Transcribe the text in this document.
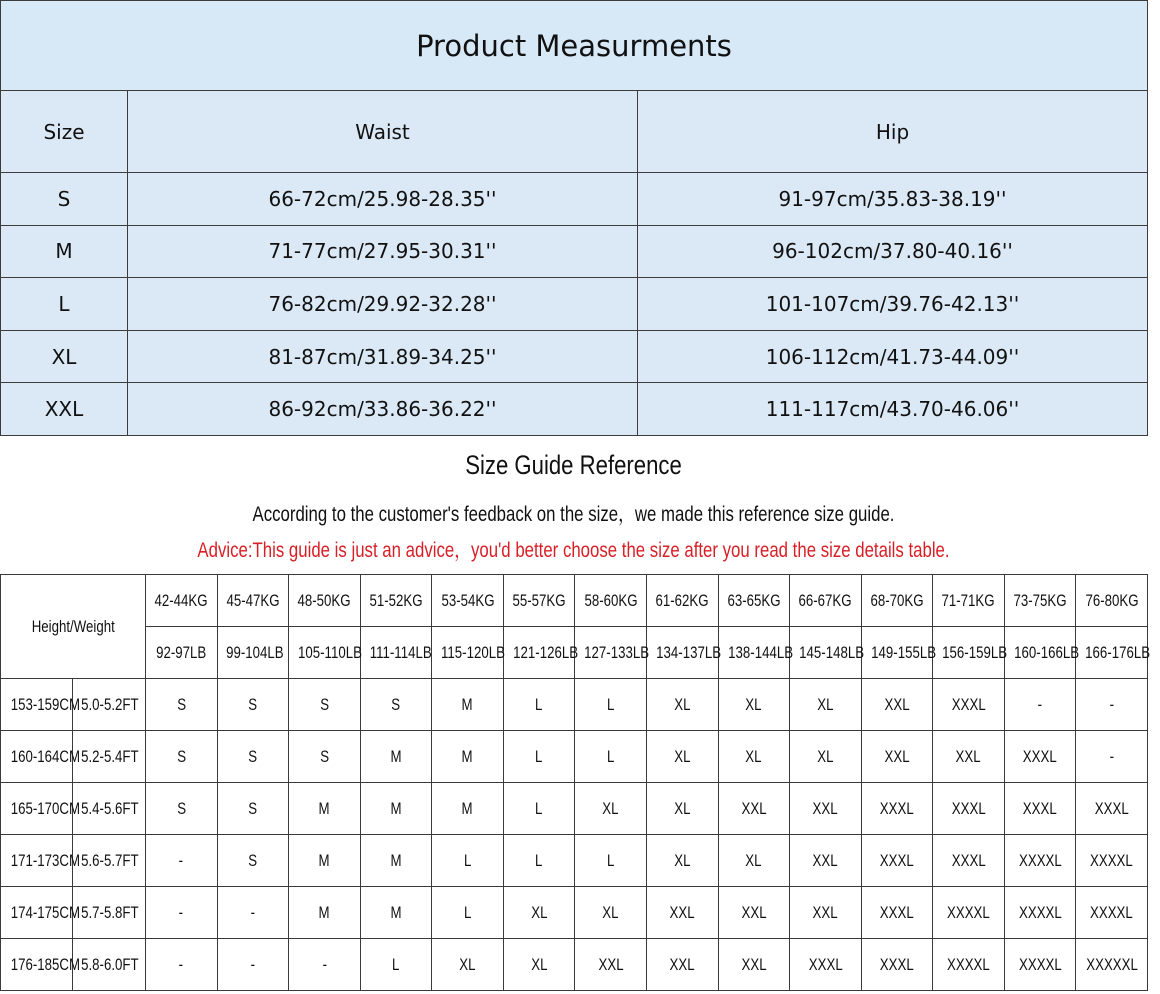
Product Measurments		
Size	Waist	Hip
S	66-72cm/25.98-28.35''	91-97cm/35.83-38.19''
M	71-77cm/27.95-30.31''	96-102cm/37.80-40.16''
L	76-82cm/29.92-32.28''	101-107cm/39.76-42.13''
XL	81-87cm/31.89-34.25''	106-112cm/41.73-44.09''
XXL	86-92cm/33.86-36.22''	111-117cm/43.70-46.06''
Size Guide Reference
According to the customer's feedback on the size，we made this reference size guide.
Advice:This guide is just an advice，you'd better choose the size after you read the size details table.
Height/Weight		42-44KG	45-47KG	48-50KG	51-52KG	53-54KG	55-57KG	58-60KG	61-62KG	63-65KG	66-67KG	68-70KG	71-71KG	73-75KG	76-80KG
		92-97LB	99-104LB	105-110LB	111-114LB	115-120LB	121-126LB	127-133LB	134-137LB	138-144LB	145-148LB	149-155LB	156-159LB	160-166LB	166-176LB
153-159CM	5.0-5.2FT	S	S	S	S	M	L	L	XL	XL	XL	XXL	XXXL	-	-
160-164CM	5.2-5.4FT	S	S	S	M	M	L	L	XL	XL	XL	XXL	XXL	XXXL	-
165-170CM	5.4-5.6FT	S	S	M	M	M	L	XL	XL	XXL	XXL	XXXL	XXXL	XXXL	XXXL
171-173CM	5.6-5.7FT	-	S	M	M	L	L	L	XL	XL	XXL	XXXL	XXXL	XXXXL	XXXXL
174-175CM	5.7-5.8FT	-	-	M	M	L	XL	XL	XXL	XXL	XXL	XXXL	XXXXL	XXXXL	XXXXL
176-185CM	5.8-6.0FT	-	-	-	L	XL	XL	XXL	XXL	XXL	XXXL	XXXL	XXXXL	XXXXL	XXXXXL
